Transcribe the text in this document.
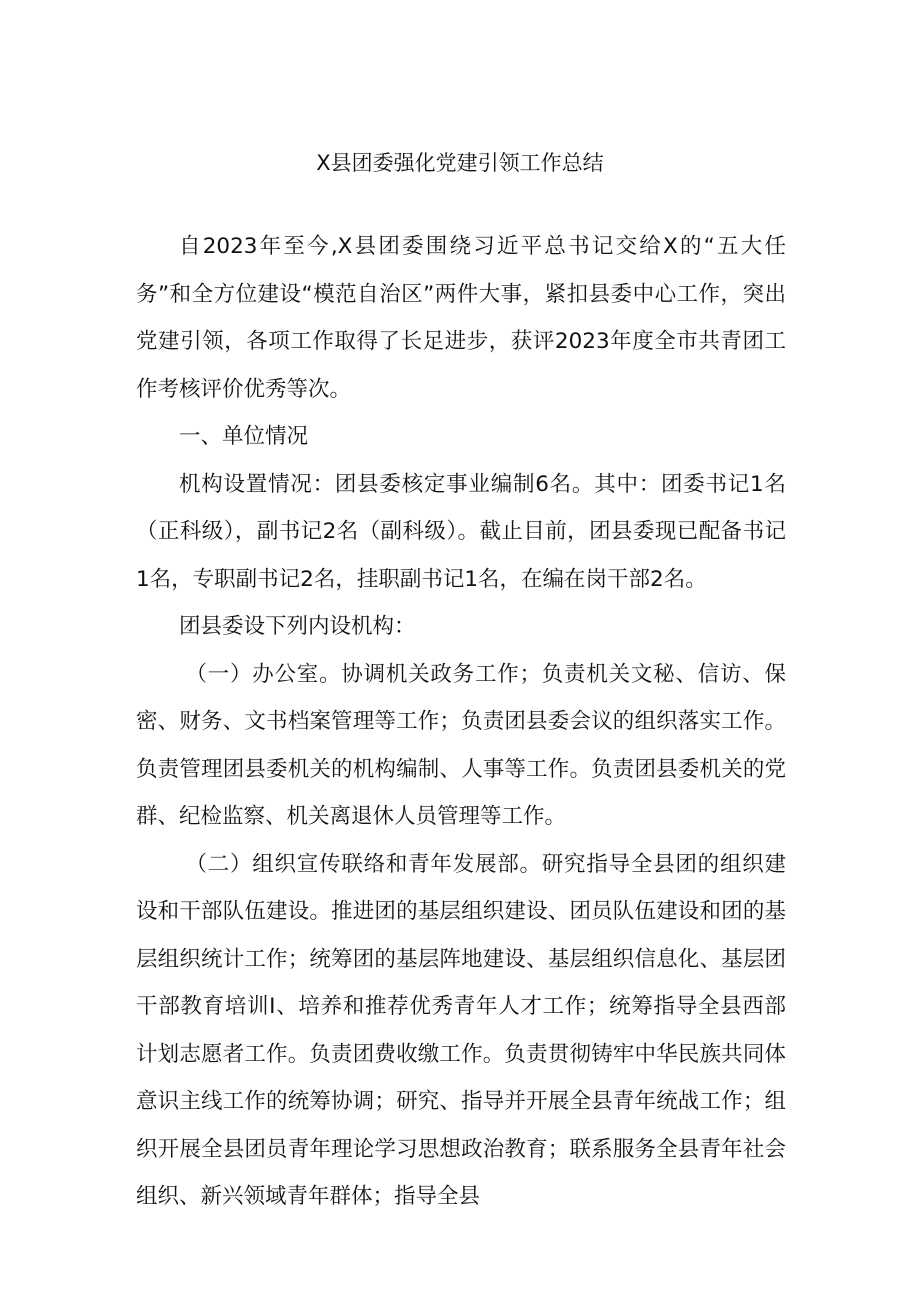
X县团委强化党建引领工作总结

自2023年至今,X县团委围绕习近平总书记交给X的“五大任务”和全方位建设“模范自治区”两件大事，紧扣县委中心工作，突出党建引领，各项工作取得了长足进步，获评2023年度全市共青团工作考核评价优秀等次。

一、单位情况

机构设置情况：团县委核定事业编制6名。其中：团委书记1名（正科级），副书记2名（副科级）。截止目前，团县委现已配备书记1名，专职副书记2名，挂职副书记1名，在编在岗干部2名。

团县委设下列内设机构：

（一）办公室。协调机关政务工作；负责机关文秘、信访、保密、财务、文书档案管理等工作；负责团县委会议的组织落实工作。负责管理团县委机关的机构编制、人事等工作。负责团县委机关的党群、纪检监察、机关离退休人员管理等工作。

（二）组织宣传联络和青年发展部。研究指导全县团的组织建设和干部队伍建设。推进团的基层组织建设、团员队伍建设和团的基层组织统计工作；统筹团的基层阵地建设、基层组织信息化、基层团干部教育培训I、培养和推荐优秀青年人才工作；统筹指导全县西部计划志愿者工作。负责团费收缴工作。负责贯彻铸牢中华民族共同体意识主线工作的统筹协调；研究、指导并开展全县青年统战工作；组织开展全县团员青年理论学习思想政治教育；联系服务全县青年社会组织、新兴领域青年群体；指导全县
